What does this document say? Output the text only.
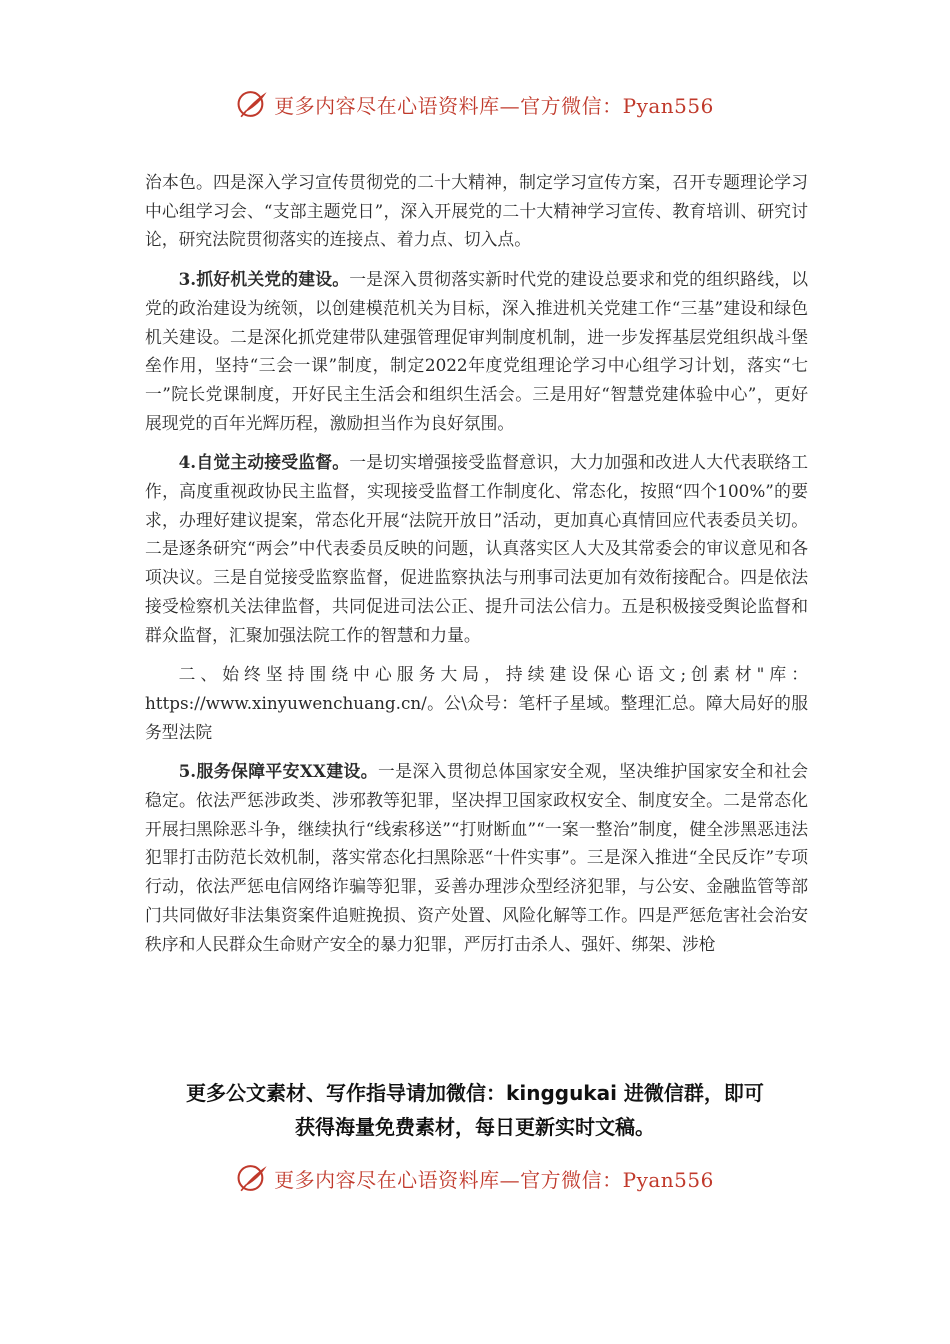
更多内容尽在心语资料库—官方微信：Pyan556

治本色。四是深入学习宣传贯彻党的二十大精神，制定学习宣传方案，召开专题理论学习中心组学习会、“支部主题党日”，深入开展党的二十大精神学习宣传、教育培训、研究讨论，研究法院贯彻落实的连接点、着力点、切入点。

3.抓好机关党的建设。一是深入贯彻落实新时代党的建设总要求和党的组织路线，以党的政治建设为统领，以创建模范机关为目标，深入推进机关党建工作“三基”建设和绿色机关建设。二是深化抓党建带队建强管理促审判制度机制，进一步发挥基层党组织战斗堡垒作用，坚持“三会一课”制度，制定2022年度党组理论学习中心组学习计划，落实“七一”院长党课制度，开好民主生活会和组织生活会。三是用好“智慧党建体验中心”，更好展现党的百年光辉历程，激励担当作为良好氛围。

4.自觉主动接受监督。一是切实增强接受监督意识，大力加强和改进人大代表联络工作，高度重视政协民主监督，实现接受监督工作制度化、常态化，按照“四个100%”的要求，办理好建议提案，常态化开展“法院开放日”活动，更加真心真情回应代表委员关切。二是逐条研究“两会”中代表委员反映的问题，认真落实区人大及其常委会的审议意见和各项决议。三是自觉接受监察监督，促进监察执法与刑事司法更加有效衔接配合。四是依法接受检察机关法律监督，共同促进司法公正、提升司法公信力。五是积极接受舆论监督和群众监督，汇聚加强法院工作的智慧和力量。

二、始终坚持围绕中心服务大局，持续建设保心语文;创素材"库：https://www.xinyuwenchuang.cn/。公\众号：笔杆子星域。整理汇总。障大局好的服务型法院

5.服务保障平安XX建设。一是深入贯彻总体国家安全观，坚决维护国家安全和社会稳定。依法严惩涉政类、涉邪教等犯罪，坚决捍卫国家政权安全、制度安全。二是常态化开展扫黑除恶斗争，继续执行“线索移送”“打财断血”“一案一整治”制度，健全涉黑恶违法犯罪打击防范长效机制，落实常态化扫黑除恶“十件实事”。三是深入推进“全民反诈”专项行动，依法严惩电信网络诈骗等犯罪，妥善办理涉众型经济犯罪，与公安、金融监管等部门共同做好非法集资案件追赃挽损、资产处置、风险化解等工作。四是严惩危害社会治安秩序和人民群众生命财产安全的暴力犯罪，严厉打击杀人、强奸、绑架、涉枪

更多公文素材、写作指导请加微信：kinggukai 进微信群，即可
获得海量免费素材，每日更新实时文稿。
更多内容尽在心语资料库—官方微信：Pyan556
